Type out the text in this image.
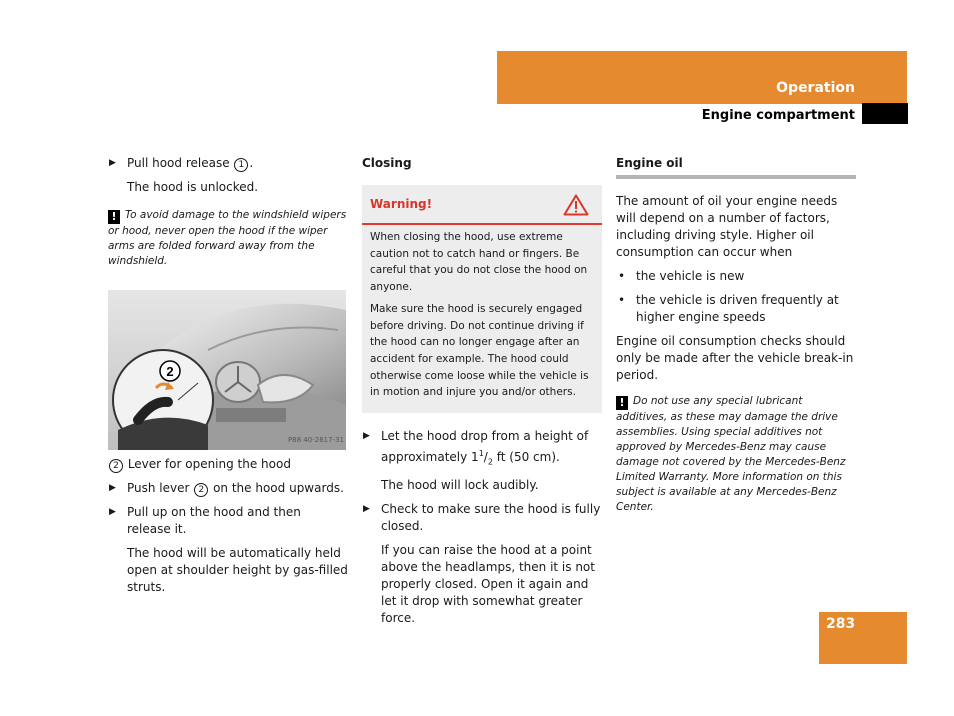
Operation
Engine compartment
▶ Pull hood release 1 .
The hood is unlocked.
! To avoid damage to the windshield wipers or hood, never open the hood if the wiper arms are folded forward away from the windshield.
2
P88 40-2617-31
2 Lever for opening the hood
▶ Push lever 2 on the hood upwards.
▶ Pull up on the hood and then release it.
The hood will be automatically held open at shoulder height by gas-filled struts.
Closing
Warning!

When closing the hood, use extreme caution not to catch hand or fingers. Be careful that you do not close the hood on anyone.

Make sure the hood is securely engaged before driving. Do not continue driving if the hood can no longer engage after an accident for example. The hood could otherwise come loose while the vehicle is in motion and injure you and/or others.

▶ Let the hood drop from a height of approximately $1^1/_2$ ft (50 cm).
The hood will lock audibly.
▶ Check to make sure the hood is fully closed.
If you can raise the hood at a point above the headlamps, then it is not properly closed. Open it again and let it drop with somewhat greater force.
Engine oil
The amount of oil your engine needs will depend on a number of factors, including driving style. Higher oil consumption can occur when
• the vehicle is new
• the vehicle is driven frequently at higher engine speeds
Engine oil consumption checks should only be made after the vehicle break-in period.
! Do not use any special lubricant additives, as these may damage the drive assemblies. Using special additives not approved by Mercedes-Benz may cause damage not covered by the Mercedes-Benz Limited Warranty. More information on this subject is available at any Mercedes-Benz Center.
283
